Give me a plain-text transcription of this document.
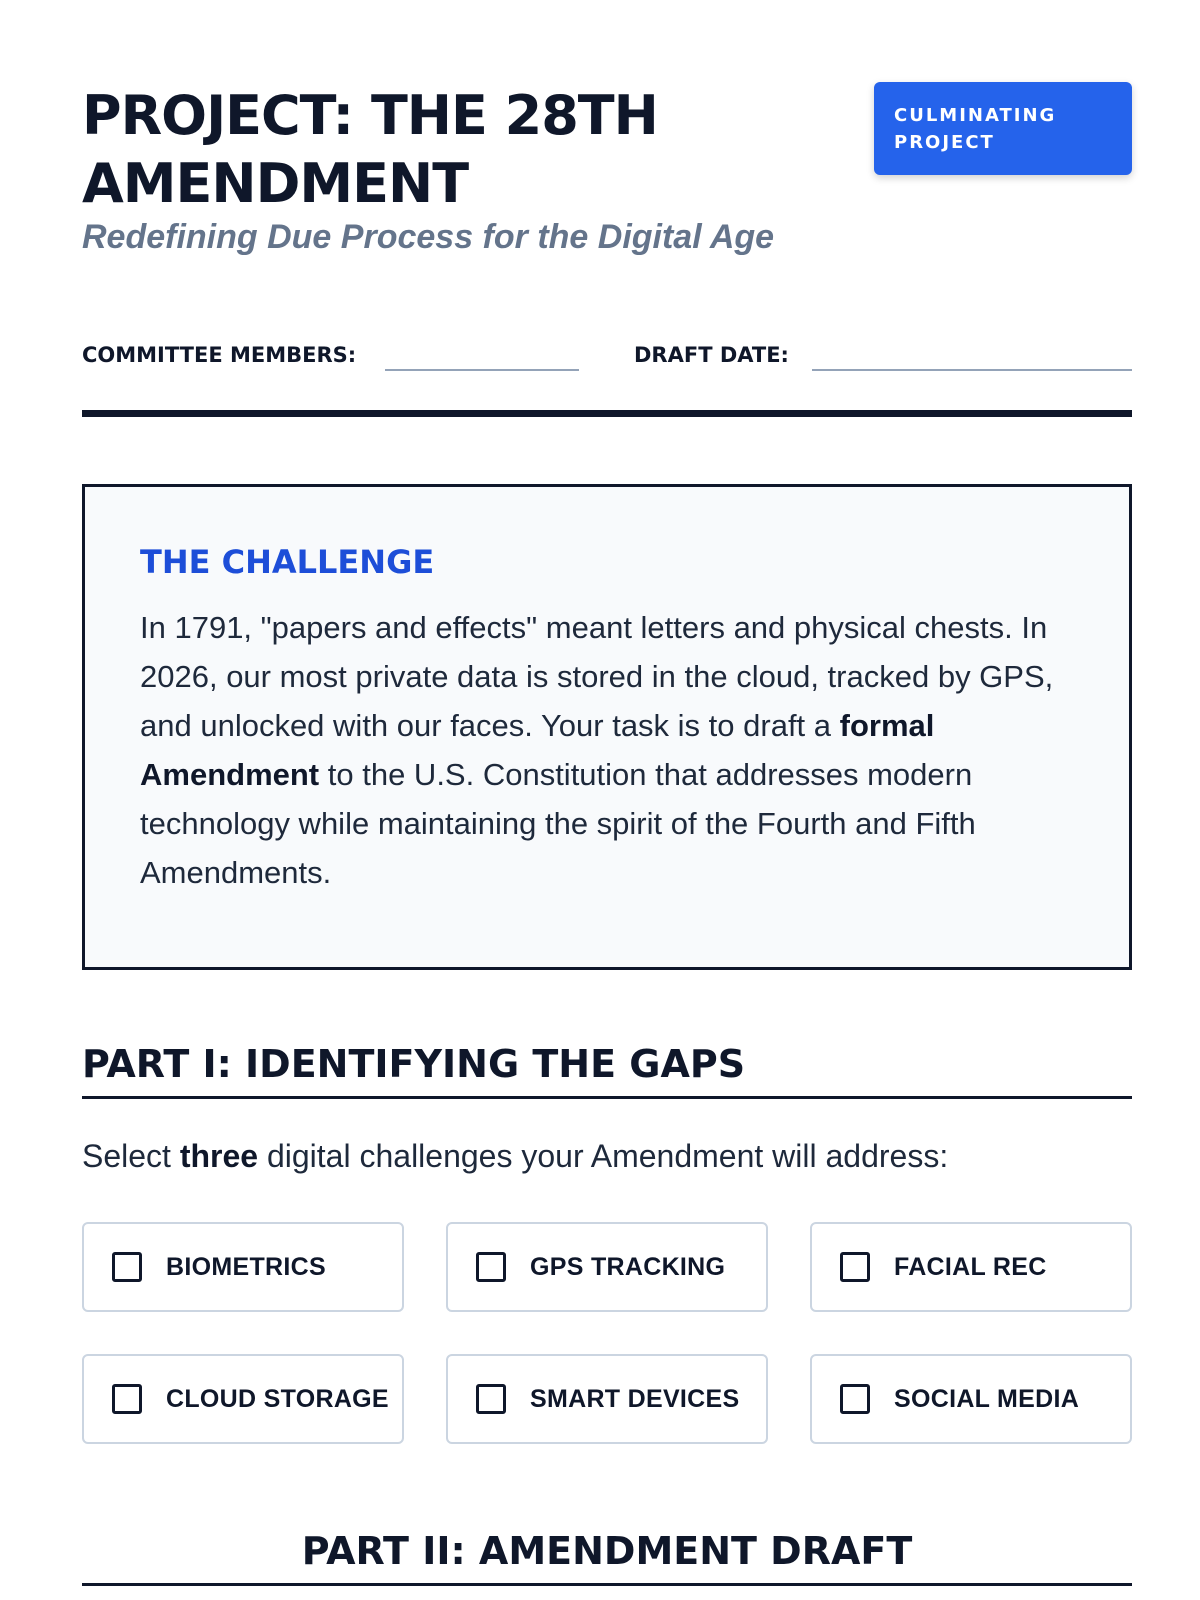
PROJECT: THE 28TH AMENDMENT

Redefining Due Process for the Digital Age

CULMINATING PROJECT
COMMITTEE MEMBERS:	DRAFT DATE:
THE CHALLENGE

In 1791, "papers and effects" meant letters and physical chests. In 2026, our most private data is stored in the cloud, tracked by GPS, and unlocked with our faces. Your task is to draft a formal Amendment to the U.S. Constitution that addresses modern technology while maintaining the spirit of the Fourth and Fifth Amendments.

PART I: IDENTIFYING THE GAPS

Select three digital challenges your Amendment will address:

BIOMETRICS	GPS TRACKING	FACIAL REC
CLOUD STORAGE	SMART DEVICES	SOCIAL MEDIA
PART II: AMENDMENT DRAFT
